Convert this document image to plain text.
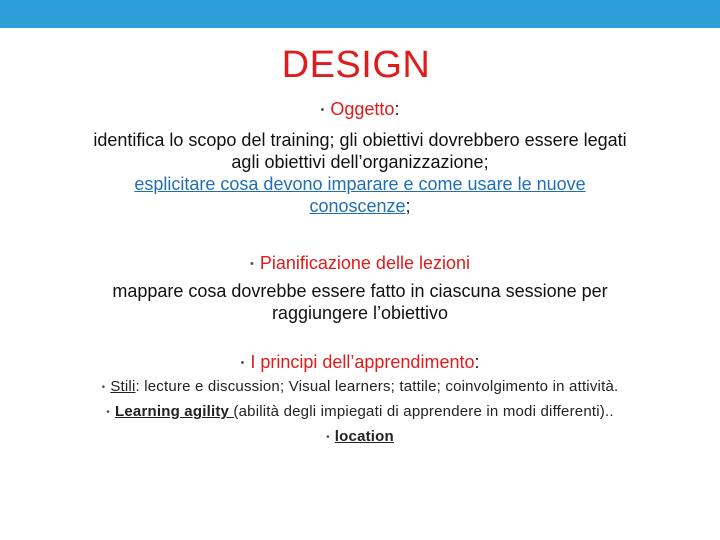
DESIGN
• Oggetto:
identifica lo scopo del training; gli obiettivi dovrebbero essere legati
agli obiettivi dell’organizzazione;
esplicitare cosa devono imparare e come usare le nuove
conoscenze;
• Pianificazione delle lezioni
mappare cosa dovrebbe essere fatto in ciascuna sessione per
raggiungere l’obiettivo
• I principi dell’apprendimento:
• Stili: lecture e discussion; Visual learners; tattile; coinvolgimento in attività.
• Learning agility (abilità degli impiegati di apprendere in modi differenti)..
• location
